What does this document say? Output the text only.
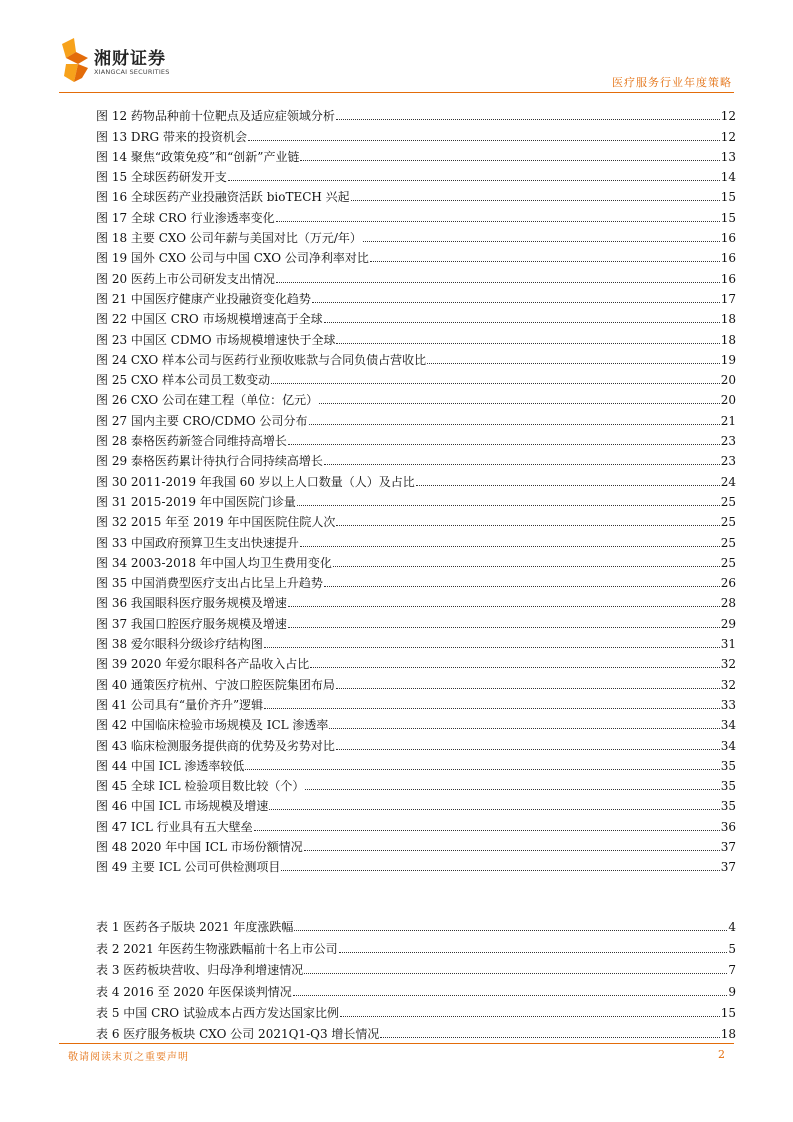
湘财证券
XIANGCAI SECURITIES
医疗服务行业年度策略
图 12 药物品种前十位靶点及适应症领域分析	12
图 13 DRG 带来的投资机会	12
图 14 聚焦“政策免疫”和“创新”产业链	13
图 15 全球医药研发开支	14
图 16 全球医药产业投融资活跃 bioTECH 兴起	15
图 17 全球 CRO 行业渗透率变化	15
图 18 主要 CXO 公司年薪与美国对比（万元/年）	16
图 19 国外 CXO 公司与中国 CXO 公司净利率对比	16
图 20 医药上市公司研发支出情况	16
图 21 中国医疗健康产业投融资变化趋势	17
图 22 中国区 CRO 市场规模增速高于全球	18
图 23 中国区 CDMO 市场规模增速快于全球	18
图 24 CXO 样本公司与医药行业预收账款与合同负债占营收比	19
图 25 CXO 样本公司员工数变动	20
图 26 CXO 公司在建工程（单位：亿元）	20
图 27 国内主要 CRO/CDMO 公司分布	21
图 28 泰格医药新签合同维持高增长	23
图 29 泰格医药累计待执行合同持续高增长	23
图 30 2011-2019 年我国 60 岁以上人口数量（人）及占比	24
图 31 2015-2019 年中国医院门诊量	25
图 32 2015 年至 2019 年中国医院住院人次	25
图 33 中国政府预算卫生支出快速提升	25
图 34 2003-2018 年中国人均卫生费用变化	25
图 35 中国消费型医疗支出占比呈上升趋势	26
图 36 我国眼科医疗服务规模及增速	28
图 37 我国口腔医疗服务规模及增速	29
图 38 爱尔眼科分级诊疗结构图	31
图 39 2020 年爱尔眼科各产品收入占比	32
图 40 通策医疗杭州、宁波口腔医院集团布局	32
图 41 公司具有“量价齐升”逻辑	33
图 42 中国临床检验市场规模及 ICL 渗透率	34
图 43 临床检测服务提供商的优势及劣势对比	34
图 44 中国 ICL 渗透率较低	35
图 45 全球 ICL 检验项目数比较（个）	35
图 46 中国 ICL 市场规模及增速	35
图 47 ICL 行业具有五大壁垒	36
图 48 2020 年中国 ICL 市场份额情况	37
图 49 主要 ICL 公司可供检测项目	37
表 1 医药各子版块 2021 年度涨跌幅	4
表 2 2021 年医药生物涨跌幅前十名上市公司	5
表 3 医药板块营收、归母净利增速情况	7
表 4 2016 至 2020 年医保谈判情况	9
表 5 中国 CRO 试验成本占西方发达国家比例	15
表 6 医疗服务板块 CXO 公司 2021Q1-Q3 增长情况	18
敬请阅读末页之重要声明	2
